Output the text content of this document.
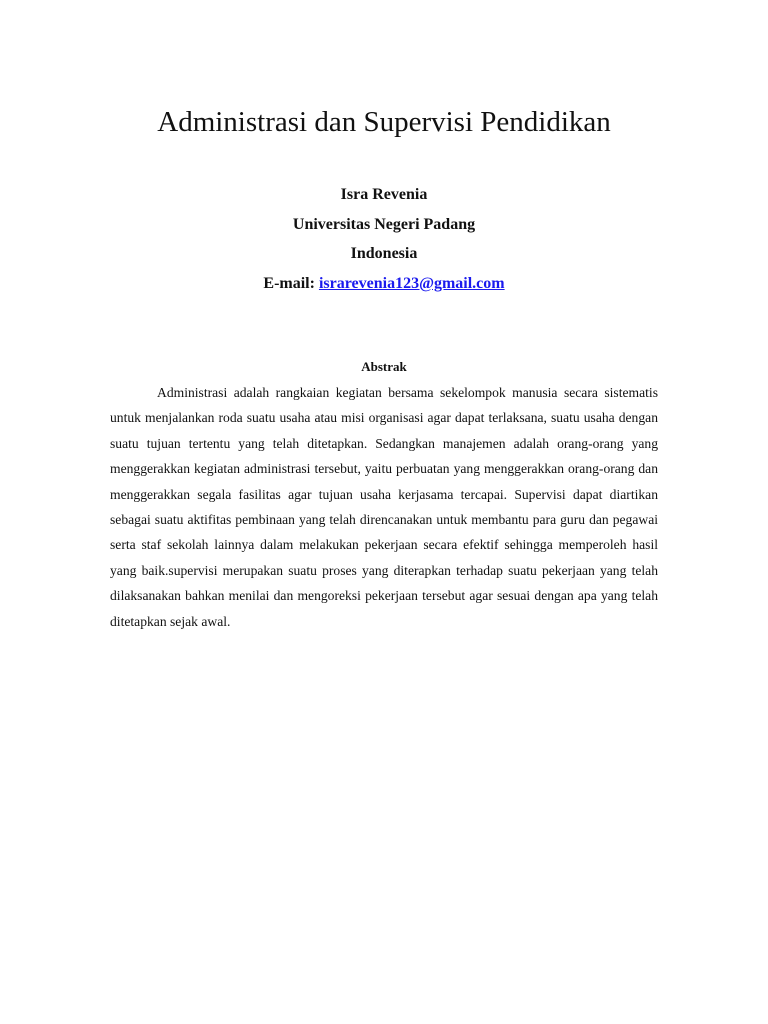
Administrasi dan Supervisi Pendidikan
Isra Revenia
Universitas Negeri Padang
Indonesia
E-mail: israrevenia123@gmail.com
Abstrak

Administrasi adalah rangkaian kegiatan bersama sekelompok manusia secara sistematis untuk menjalankan roda suatu usaha atau misi organisasi agar dapat terlaksana, suatu usaha dengan suatu tujuan tertentu yang telah ditetapkan. Sedangkan manajemen adalah orang-orang yang menggerakkan kegiatan administrasi tersebut, yaitu perbuatan yang menggerakkan orang-orang dan menggerakkan segala fasilitas agar tujuan usaha kerjasama tercapai. Supervisi dapat diartikan sebagai suatu aktifitas pembinaan yang telah direncanakan untuk membantu para guru dan pegawai serta staf sekolah lainnya dalam melakukan pekerjaan secara efektif sehingga memperoleh hasil yang baik.supervisi merupakan suatu proses yang diterapkan terhadap suatu pekerjaan yang telah dilaksanakan bahkan menilai dan mengoreksi pekerjaan tersebut agar sesuai dengan apa yang telah ditetapkan sejak awal.
